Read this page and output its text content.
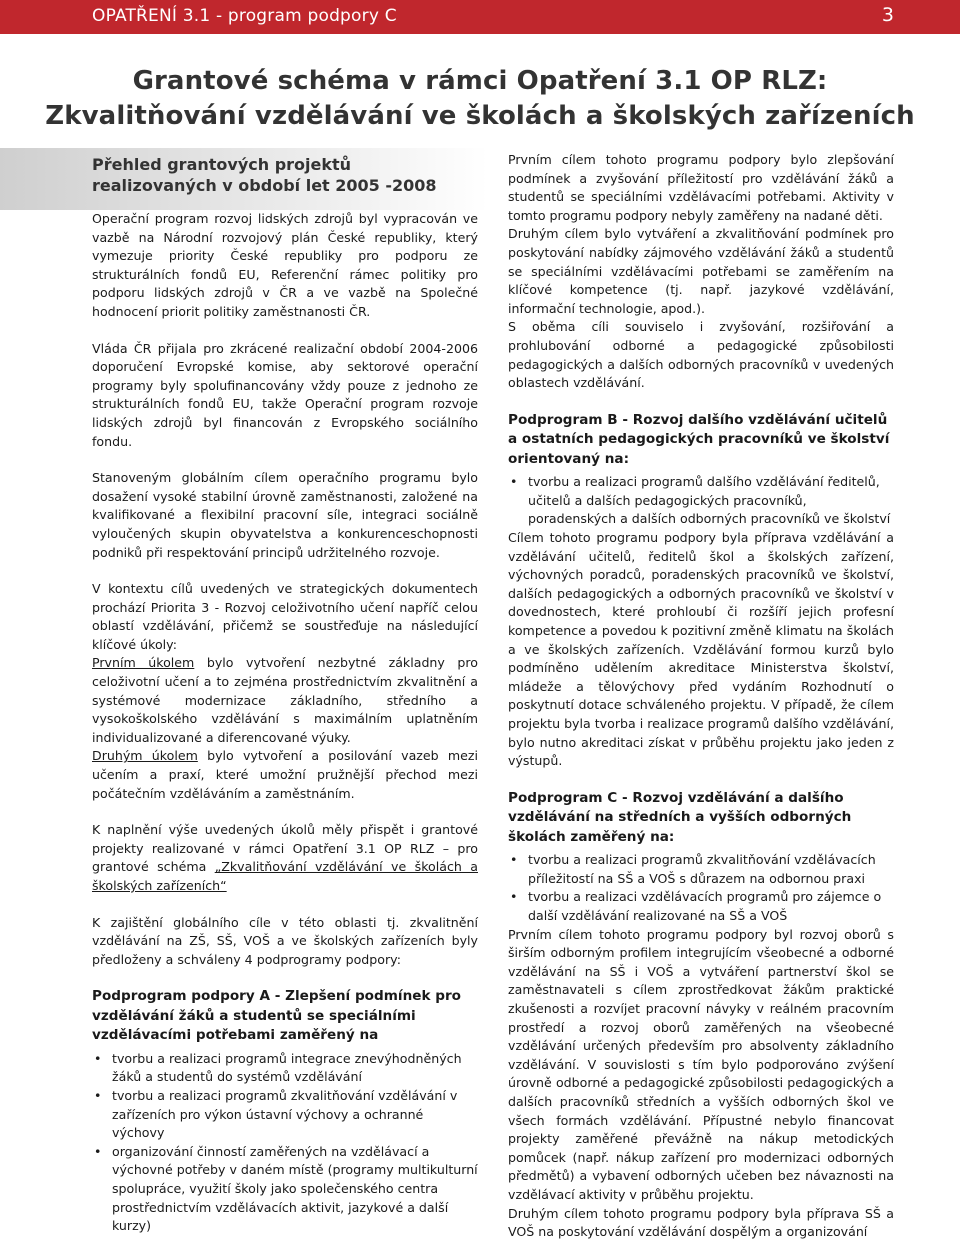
OPATŘENÍ 3.1 - program podpory C	3
Grantové schéma v rámci Opatření 3.1 OP RLZ:
Zkvalitňování vzdělávání ve školách a školských zařízeních
Přehled grantových projektů realizovaných v období let 2005 -2008

Operační program rozvoj lidských zdrojů byl vypracován ve vazbě na Národní rozvojový plán České republiky, který vymezuje priority České republiky pro podporu ze strukturálních fondů EU, Referenční rámec politiky pro podporu lidských zdrojů v ČR a ve vazbě na Společné hodnocení priorit politiky zaměstnanosti ČR.

Vláda ČR přijala pro zkrácené realizační období 2004-2006 doporučení Evropské komise, aby sektorové operační programy byly spolufinancovány vždy pouze z jednoho ze strukturálních fondů EU, takže Operační program rozvoje lidských zdrojů byl financován z Evropského sociálního fondu.

Stanoveným globálním cílem operačního programu bylo dosažení vysoké stabilní úrovně zaměstnanosti, založené na kvalifikované a flexibilní pracovní síle, integraci sociálně vyloučených skupin obyvatelstva a konkurenceschopnosti podniků při respektování principů udržitelného rozvoje.

V kontextu cílů uvedených ve strategických dokumentech prochází Priorita 3 - Rozvoj celoživotního učení napříč celou oblastí vzdělávání, přičemž se soustřeďuje na následující klíčové úkoly:

Prvním úkolem bylo vytvoření nezbytné základny pro celoživotní učení a to zejména prostřednictvím zkvalitnění a systémové modernizace základního, středního a vysokoškolského vzdělávání s maximálním uplatněním individualizované a diferencované výuky.

Druhým úkolem bylo vytvoření a posilování vazeb mezi učením a praxí, které umožní pružnější přechod mezi počátečním vzděláváním a zaměstnáním.

K naplnění výše uvedených úkolů měly přispět i grantové projekty realizované v rámci Opatření 3.1 OP RLZ – pro grantové schéma „Zkvalitňování vzdělávání ve školách a školských zařízeních“

K zajištění globálního cíle v této oblasti tj. zkvalitnění vzdělávání na ZŠ, SŠ, VOŠ a ve školských zařízeních byly předloženy a schváleny 4 podprogramy podpory:

Podprogram podpory A - Zlepšení podmínek pro vzdělávání žáků a studentů se speciálními vzdělávacími potřebami zaměřený na
• tvorbu a realizaci programů integrace znevýhodněných žáků a studentů do systémů vzdělávání
• tvorbu a realizaci programů zkvalitňování vzdělávání v zařízeních pro výkon ústavní výchovy a ochranné výchovy
• organizování činností zaměřených na vzdělávací a výchovné potřeby v daném místě (programy multikulturní spolupráce, využití školy jako společenského centra prostřednictvím vzdělávacích aktivit, jazykové a další kurzy)

Prvním cílem tohoto programu podpory bylo zlepšování podmínek a zvyšování příležitostí pro vzdělávání žáků a studentů se speciálními vzdělávacími potřebami. Aktivity v tomto programu podpory nebyly zaměřeny na nadané děti.

Druhým cílem bylo vytváření a zkvalitňování podmínek pro poskytování nabídky zájmového vzdělávání žáků a studentů se speciálními vzdělávacími potřebami se zaměřením na klíčové kompetence (tj. např. jazykové vzdělávání, informační technologie, apod.).

S oběma cíli souviselo i zvyšování, rozšiřování a prohlubování odborné a pedagogické způsobilosti pedagogických a dalších odborných pracovníků v uvedených oblastech vzdělávání.

Podprogram B - Rozvoj dalšího vzdělávání učitelů a ostatních pedagogických pracovníků ve školství orientovaný na:
• tvorbu a realizaci programů dalšího vzdělávání ředitelů, učitelů a dalších pedagogických pracovníků, poradenských a dalších odborných pracovníků ve školství

Cílem tohoto programu podpory byla příprava vzdělávání a vzdělávání učitelů, ředitelů škol a školských zařízení, výchovných poradců, poradenských pracovníků ve školství, dalších pedagogických a odborných pracovníků ve školství v dovednostech, které prohloubí či rozšíří jejich profesní kompetence a povedou k pozitivní změně klimatu na školách a ve školských zařízeních. Vzdělávání formou kurzů bylo podmíněno udělením akreditace Ministerstva školství, mládeže a tělovýchovy před vydáním Rozhodnutí o poskytnutí dotace schváleného projektu. V případě, že cílem projektu byla tvorba i realizace programů dalšího vzdělávání, bylo nutno akreditaci získat v průběhu projektu jako jeden z výstupů.

Podprogram C - Rozvoj vzdělávání a dalšího vzdělávání na středních a vyšších odborných školách zaměřený na:
• tvorbu a realizaci programů zkvalitňování vzdělávacích příležitostí na SŠ a VOŠ s důrazem na odbornou praxi
• tvorbu a realizaci vzdělávacích programů pro zájemce o další vzdělávání realizované na SŠ a VOŠ

Prvním cílem tohoto programu podpory byl rozvoj oborů s širším odborným profilem integrujícím všeobecné a odborné vzdělávání na SŠ i VOŠ a vytváření partnerství škol se zaměstnavateli s cílem zprostředkovat žákům praktické zkušenosti a rozvíjet pracovní návyky v reálném pracovním prostředí a rozvoj oborů zaměřených na všeobecné vzdělávání určených především pro absolventy základního vzdělávání. V souvislosti s tím bylo podporováno zvýšení úrovně odborné a pedagogické způsobilosti pedagogických a dalších pracovníků středních a vyšších odborných škol ve všech formách vzdělávání. Přípustné nebylo financovat projekty zaměřené převážně na nákup metodických pomůcek (např. nákup zařízení pro modernizaci odborných předmětů) a vybavení odborných učeben bez návaznosti na vzdělávací aktivity v průběhu projektu.

Druhým cílem tohoto programu podpory byla příprava SŠ a VOŠ na poskytování vzdělávání dospělým a organizování
